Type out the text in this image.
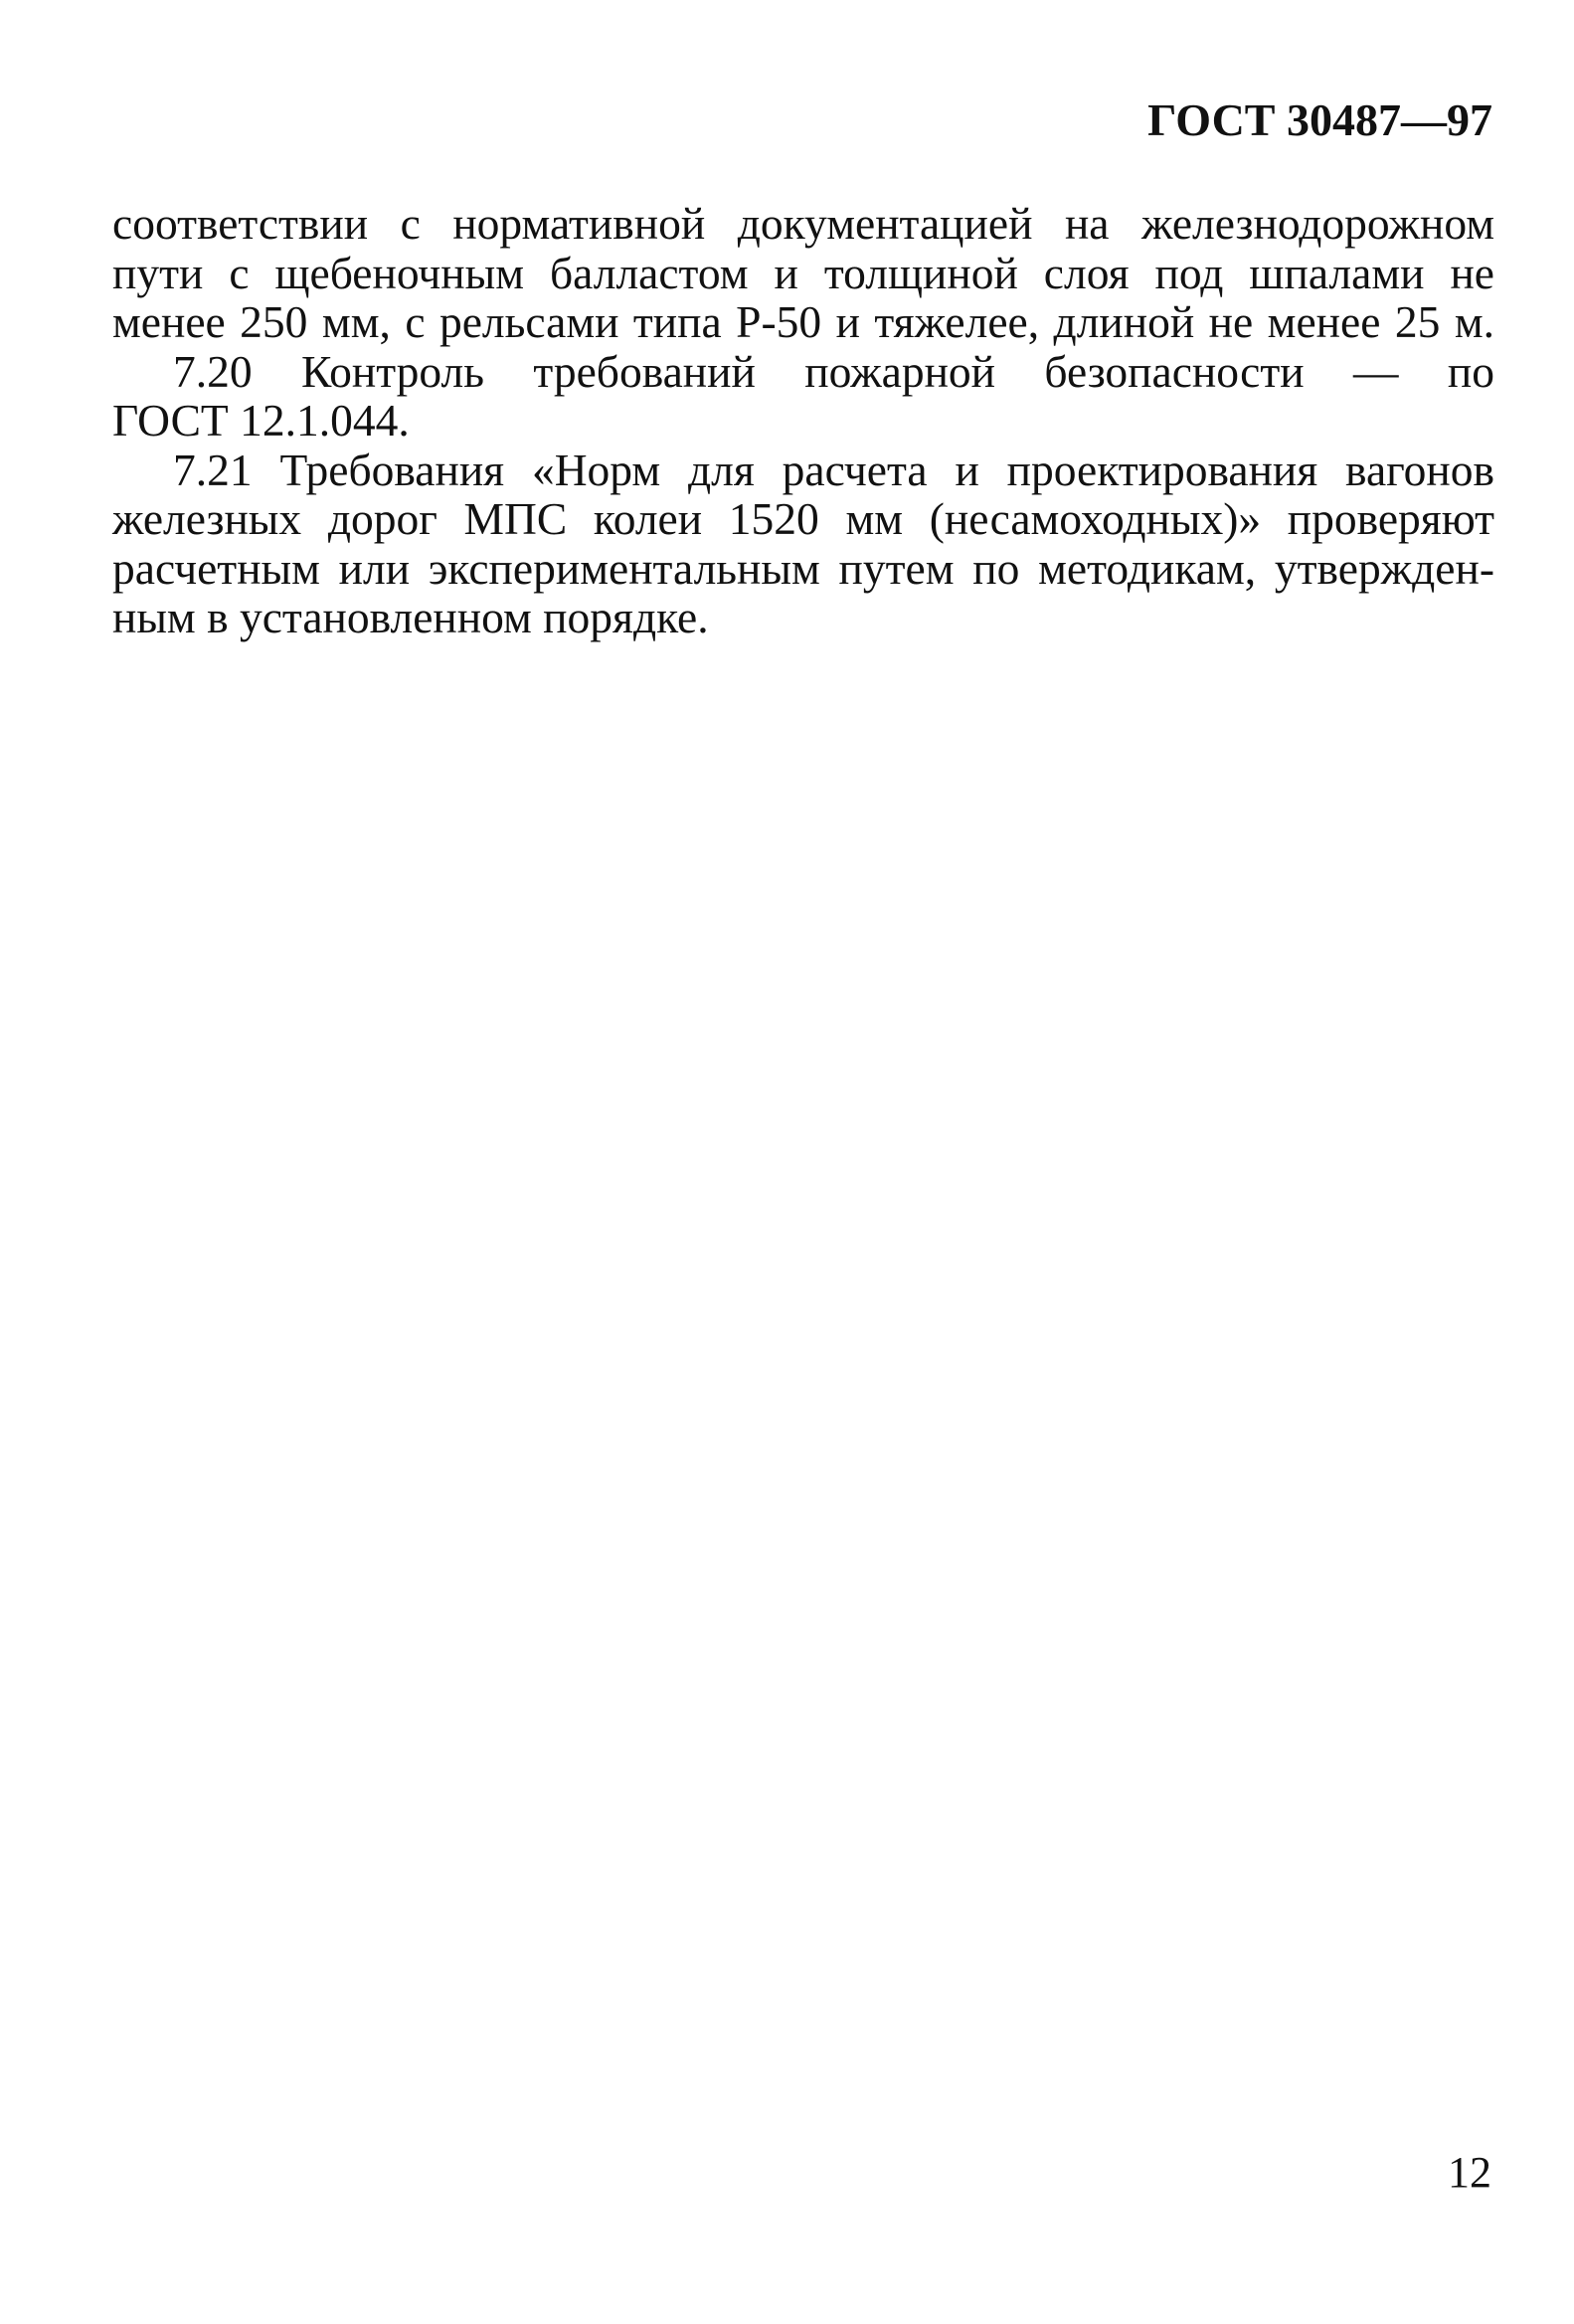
ГОСТ 30487—97
соответствии с нормативной документацией на железнодорожном
пути с щебеночным балластом и толщиной слоя под шпалами не
менее 250 мм, с рельсами типа Р-50 и тяжелее, длиной не менее 25 м.
7.20 Контроль требований пожарной безопасности — по
ГОСТ 12.1.044.
7.21 Требования «Норм для расчета и проектирования вагонов
железных дорог МПС колеи 1520 мм (несамоходных)» проверяют
расчетным или экспериментальным путем по методикам, утвержден-
ным в установленном порядке.
12
